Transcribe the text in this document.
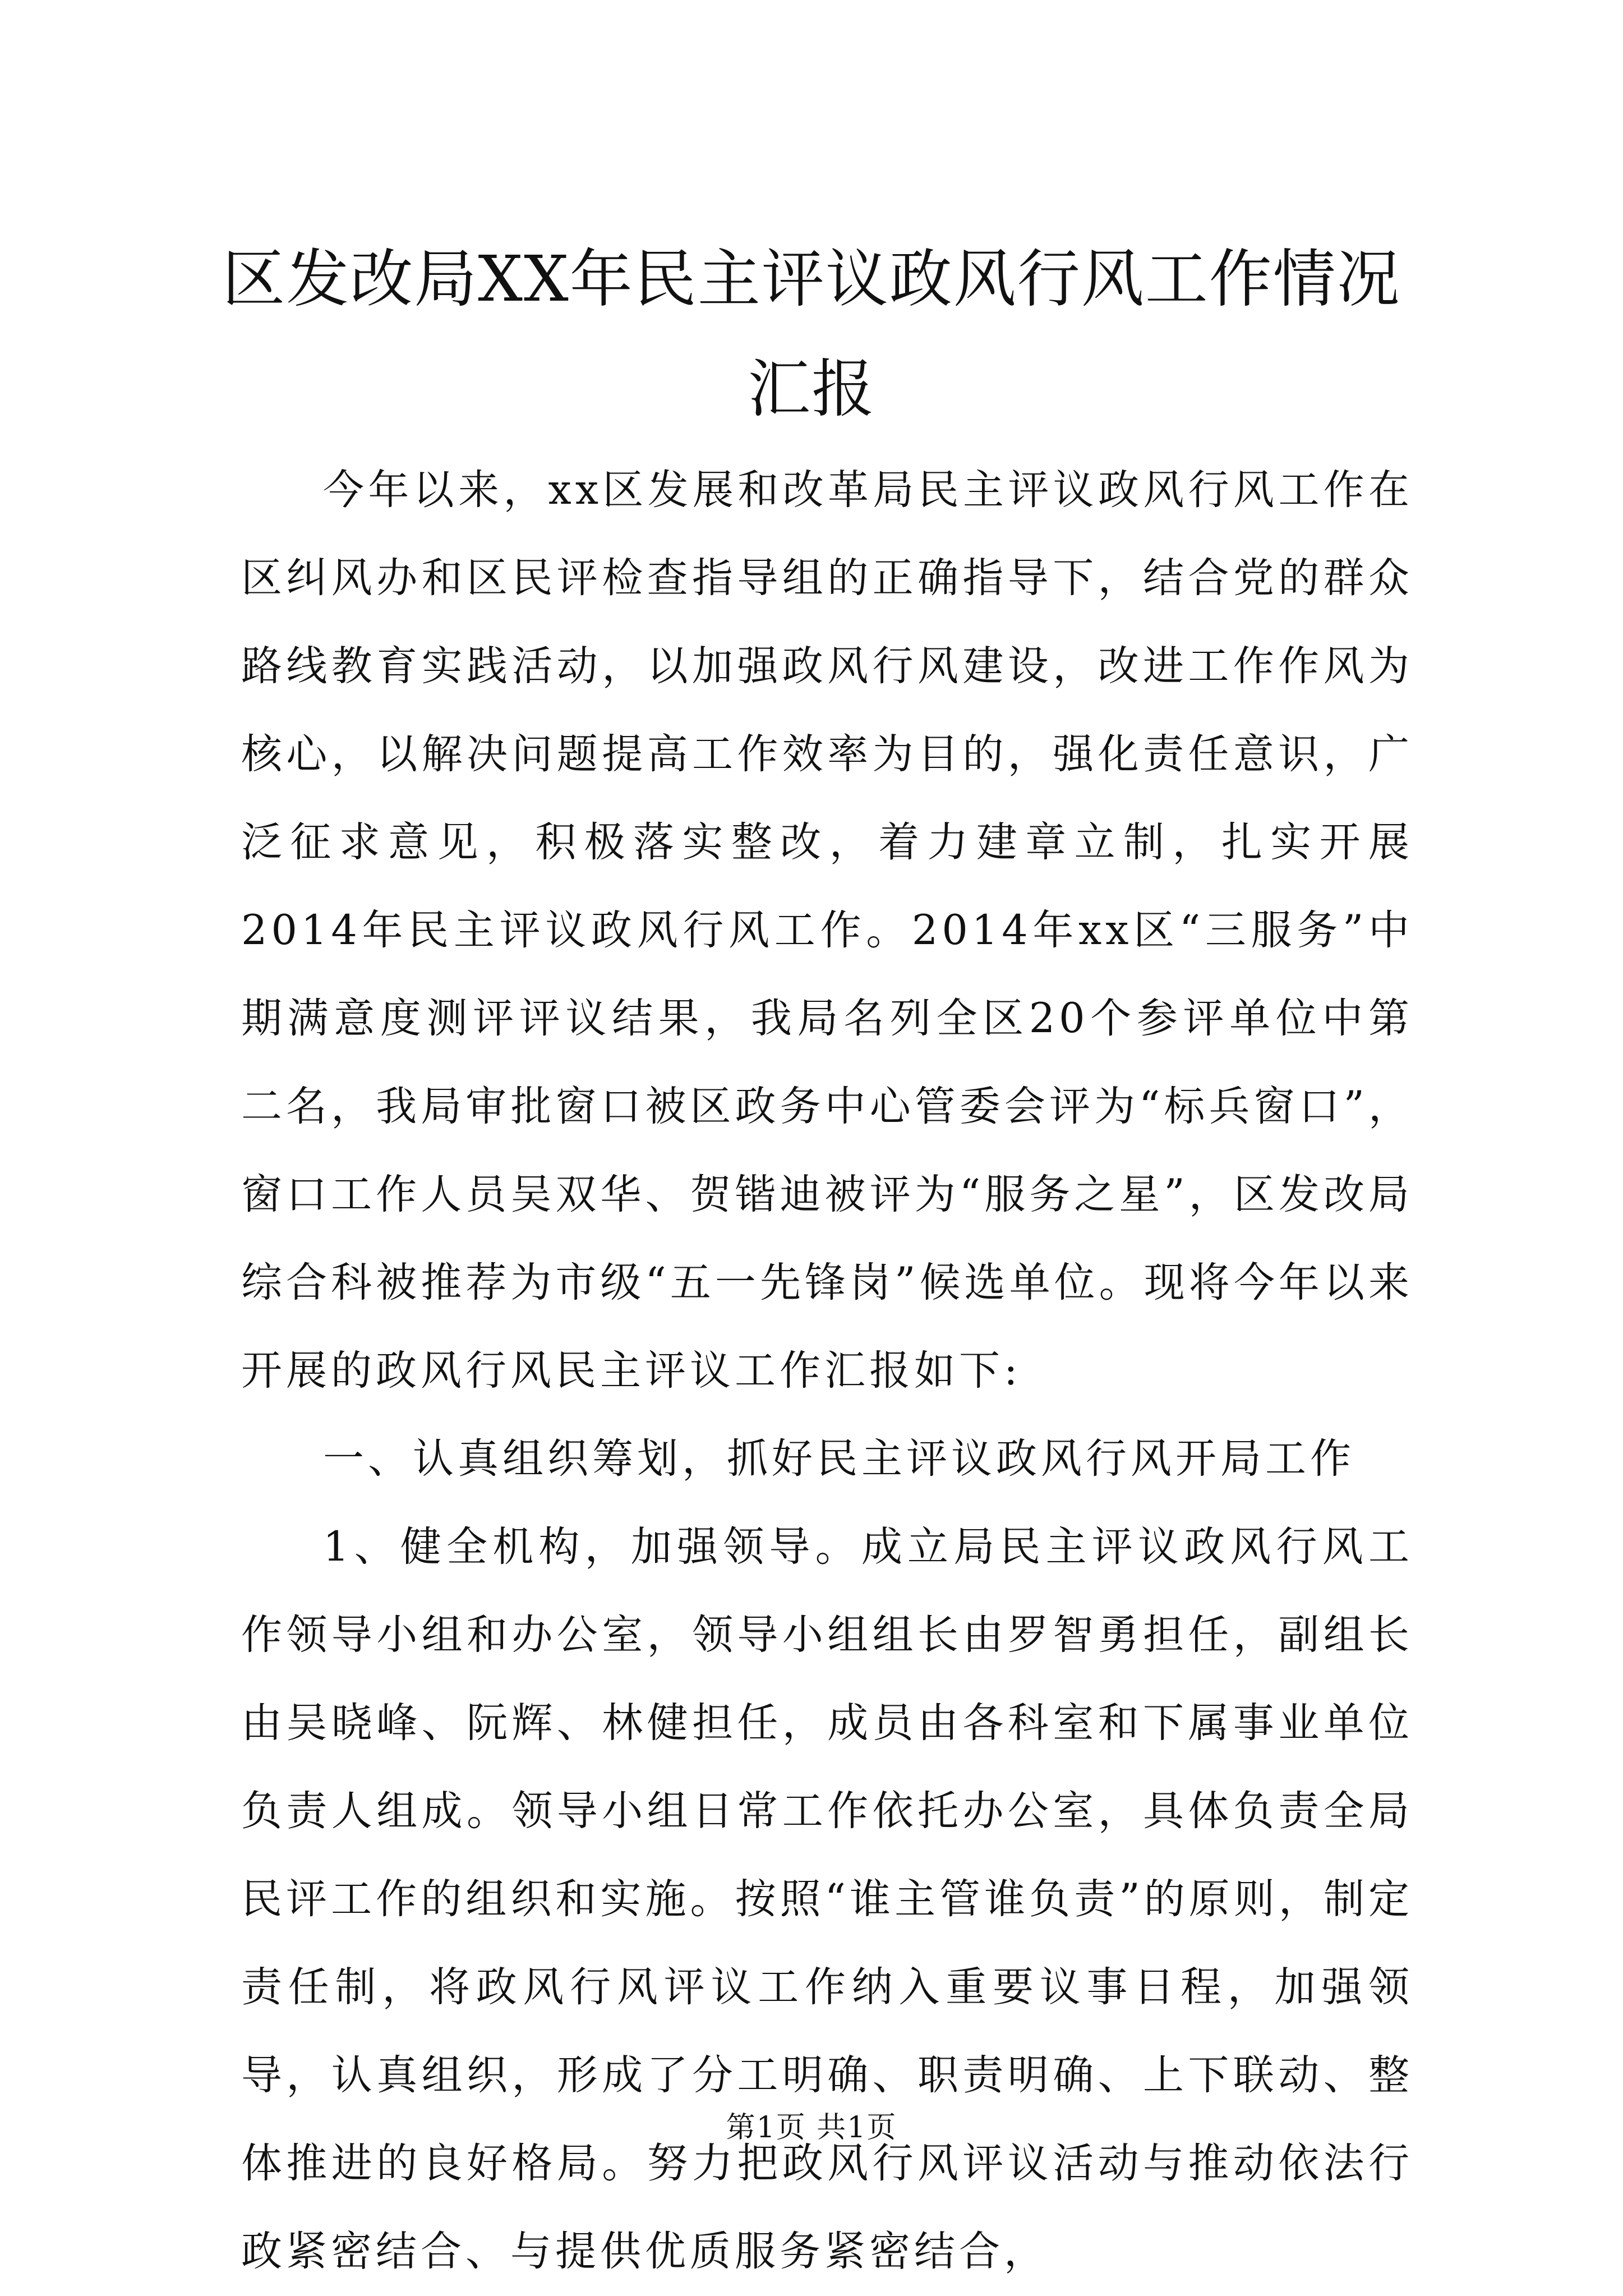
区发改局XX年民主评议政风行风工作情况汇报

今年以来，xx区发展和改革局民主评议政风行风工作在区纠风办和区民评检查指导组的正确指导下，结合党的群众路线教育实践活动，以加强政风行风建设，改进工作作风为核心，以解决问题提高工作效率为目的，强化责任意识，广泛征求意见，积极落实整改，着力建章立制，扎实开展2014年民主评议政风行风工作。2014年xx区“三服务”中期满意度测评评议结果，我局名列全区20个参评单位中第二名，我局审批窗口被区政务中心管委会评为“标兵窗口”，窗口工作人员吴双华、贺锴迪被评为“服务之星”，区发改局综合科被推荐为市级“五一先锋岗”候选单位。现将今年以来开展的政风行风民主评议工作汇报如下:

一、认真组织筹划，抓好民主评议政风行风开局工作

1、健全机构，加强领导。成立局民主评议政风行风工作领导小组和办公室，领导小组组长由罗智勇担任，副组长由吴晓峰、阮辉、林健担任，成员由各科室和下属事业单位负责人组成。领导小组日常工作依托办公室，具体负责全局民评工作的组织和实施。按照“谁主管谁负责”的原则，制定责任制，将政风行风评议工作纳入重要议事日程，加强领导，认真组织，形成了分工明确、职责明确、上下联动、整体推进的良好格局。努力把政风行风评议活动与推动依法行政紧密结合、与提供优质服务紧密结合，

第1页 共1页
